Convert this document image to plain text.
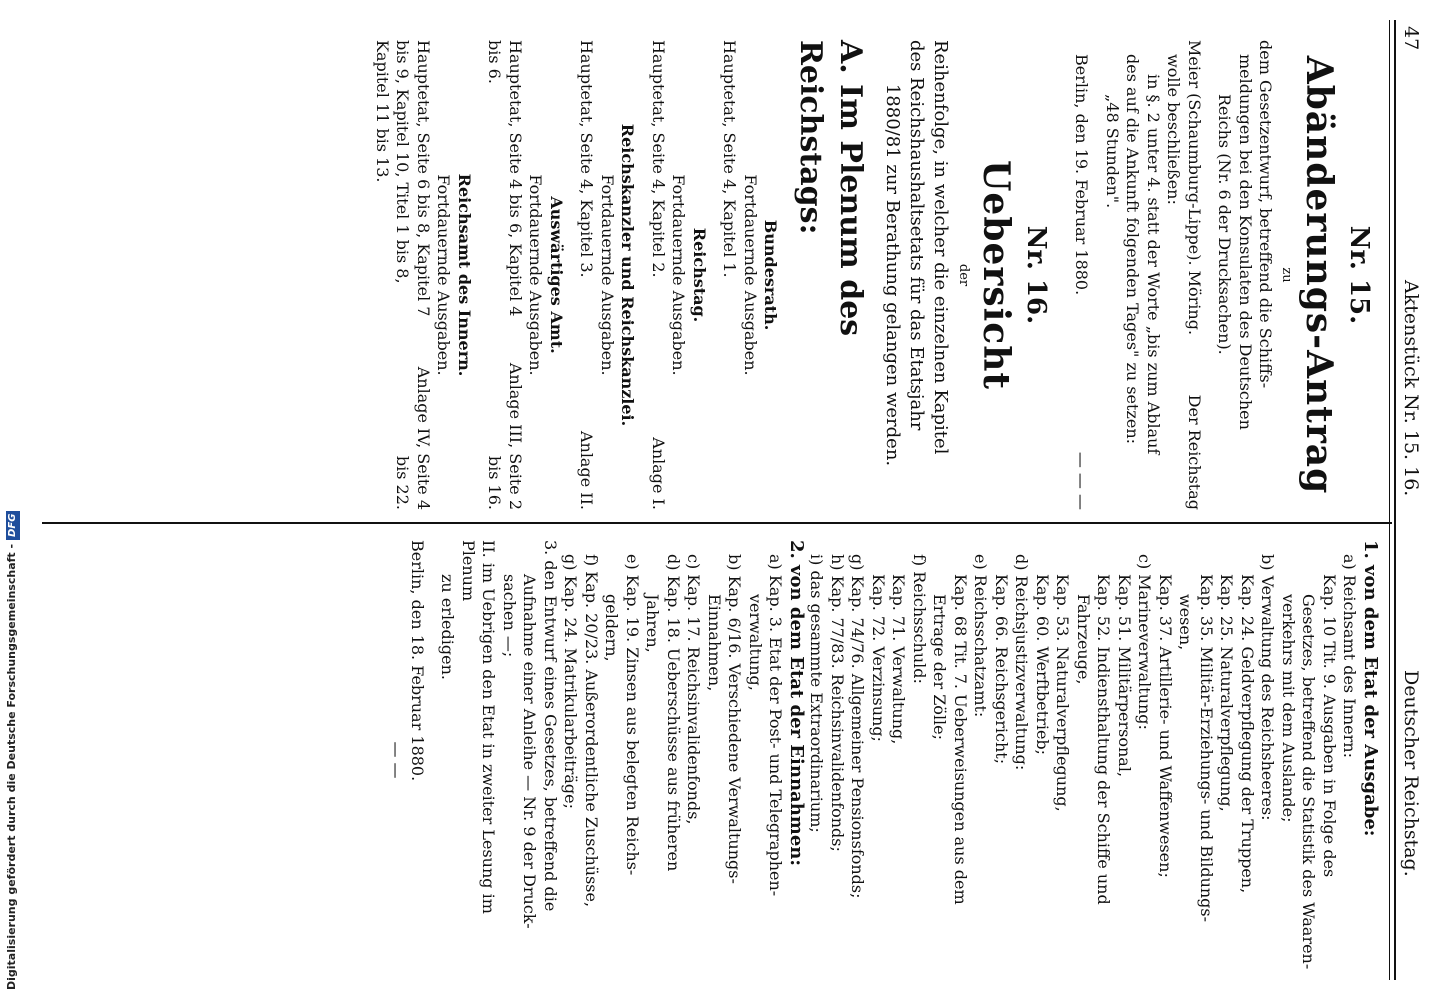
47
Aktenstück Nr. 15. 16.
Deutscher Reichstag.

Nr. 15.

Abänderungs-Antrag

zu

dem Gesetzentwurf, betreffend die Schiffs-

meldungen bei den Konsulaten des Deutschen

Reichs (Nr. 6 der Drucksachen).

Meier (Schaumburg-Lippe). Möring.
Der Reichstag

wolle beschließen:

in §. 2 unter 4. statt der Worte „bis zum Ablauf

des auf die Ankunft folgenden Tages" zu setzen:

„48 Stunden".

Berlin, den 19. Februar 1880.
— — —

Nr. 16.

Uebersicht

der

Reihenfolge, in welcher die einzelnen Kapitel

des Reichshaushaltsetats für das Etatsjahr

1880/81 zur Berathung gelangen werden.

A. Im Plenum des Reichstags:

Bundesrath.

Fortdauernde Ausgaben.

Hauptetat, Seite 4, Kapitel 1.

Reichstag.

Fortdauernde Ausgaben.

Hauptetat, Seite 4, Kapitel 2.
Anlage I.

Reichskanzler und Reichskanzlei.

Fortdauernde Ausgaben.

Hauptetat, Seite 4, Kapitel 3.
Anlage II.

Auswärtiges Amt.

Fortdauernde Ausgaben.

Hauptetat, Seite 4 bis 6, Kapitel 4 bis 6.
Anlage III, Seite 2 bis 16.

Reichsamt des Innern.

Fortdauernde Ausgaben.

Hauptetat, Seite 6 bis 8, Kapitel 7 bis 9, Kapitel 10, Titel 1 bis 8, Kapitel 11 bis 13.
Anlage IV, Seite 4 bis 22.

1. von dem Etat der Ausgabe:

a) Reichsamt des Innern:

Kap. 10 Tit. 9. Ausgaben in Folge des

Gesetzes, betreffend die Statistik des Waaren-

verkehrs mit dem Auslande;

b) Verwaltung des Reichsheeres:

Kap. 24. Geldverpflegung der Truppen,

Kap. 25. Naturalverpflegung,

Kap. 35. Militär-Erziehungs- und Bildungs-

wesen,

Kap. 37. Artillerie- und Waffenwesen;

c) Marineverwaltung:

Kap. 51. Militärpersonal,

Kap. 52. Indiensthaltung der Schiffe und

Fahrzeuge,

Kap. 53. Naturalverpflegung,

Kap. 60. Werftbetrieb;

d) Reichsjustizverwaltung:

Kap. 66. Reichsgericht;

e) Reichsschatzamt:

Kap. 68 Tit. 7. Ueberweisungen aus dem

Ertrage der Zölle;

f) Reichsschuld:

Kap. 71. Verwaltung,

Kap. 72. Verzinsung;

g) Kap. 74/76. Allgemeiner Pensionsfonds;

h) Kap. 77/83. Reichsinvalidenfonds;

i) das gesammte Extraordinarium;

2. von dem Etat der Einnahmen:

a) Kap. 3. Etat der Post- und Telegraphen-

verwaltung,

b) Kap. 6/16. Verschiedene Verwaltungs-

Einnahmen,

c) Kap. 17. Reichsinvalidenfonds,

d) Kap. 18. Ueberschüsse aus früheren

Jahren,

e) Kap. 19. Zinsen aus belegten Reichs-

geldern,

f) Kap. 20/23. Außerordentliche Zuschüsse,

g) Kap. 24. Matrikularbeiträge;

3. den Entwurf eines Gesetzes, betreffend die

Aufnahme einer Anleihe — Nr. 9 der Druck-

sachen —;

II. im Uebrigen den Etat in zweiter Lesung im Plenum

zu erledigen.

Berlin, den 18. Februar 1880.

— —

Digitalisierung gefördert durch die Deutsche Forschungsgemeinschaft -DFG
